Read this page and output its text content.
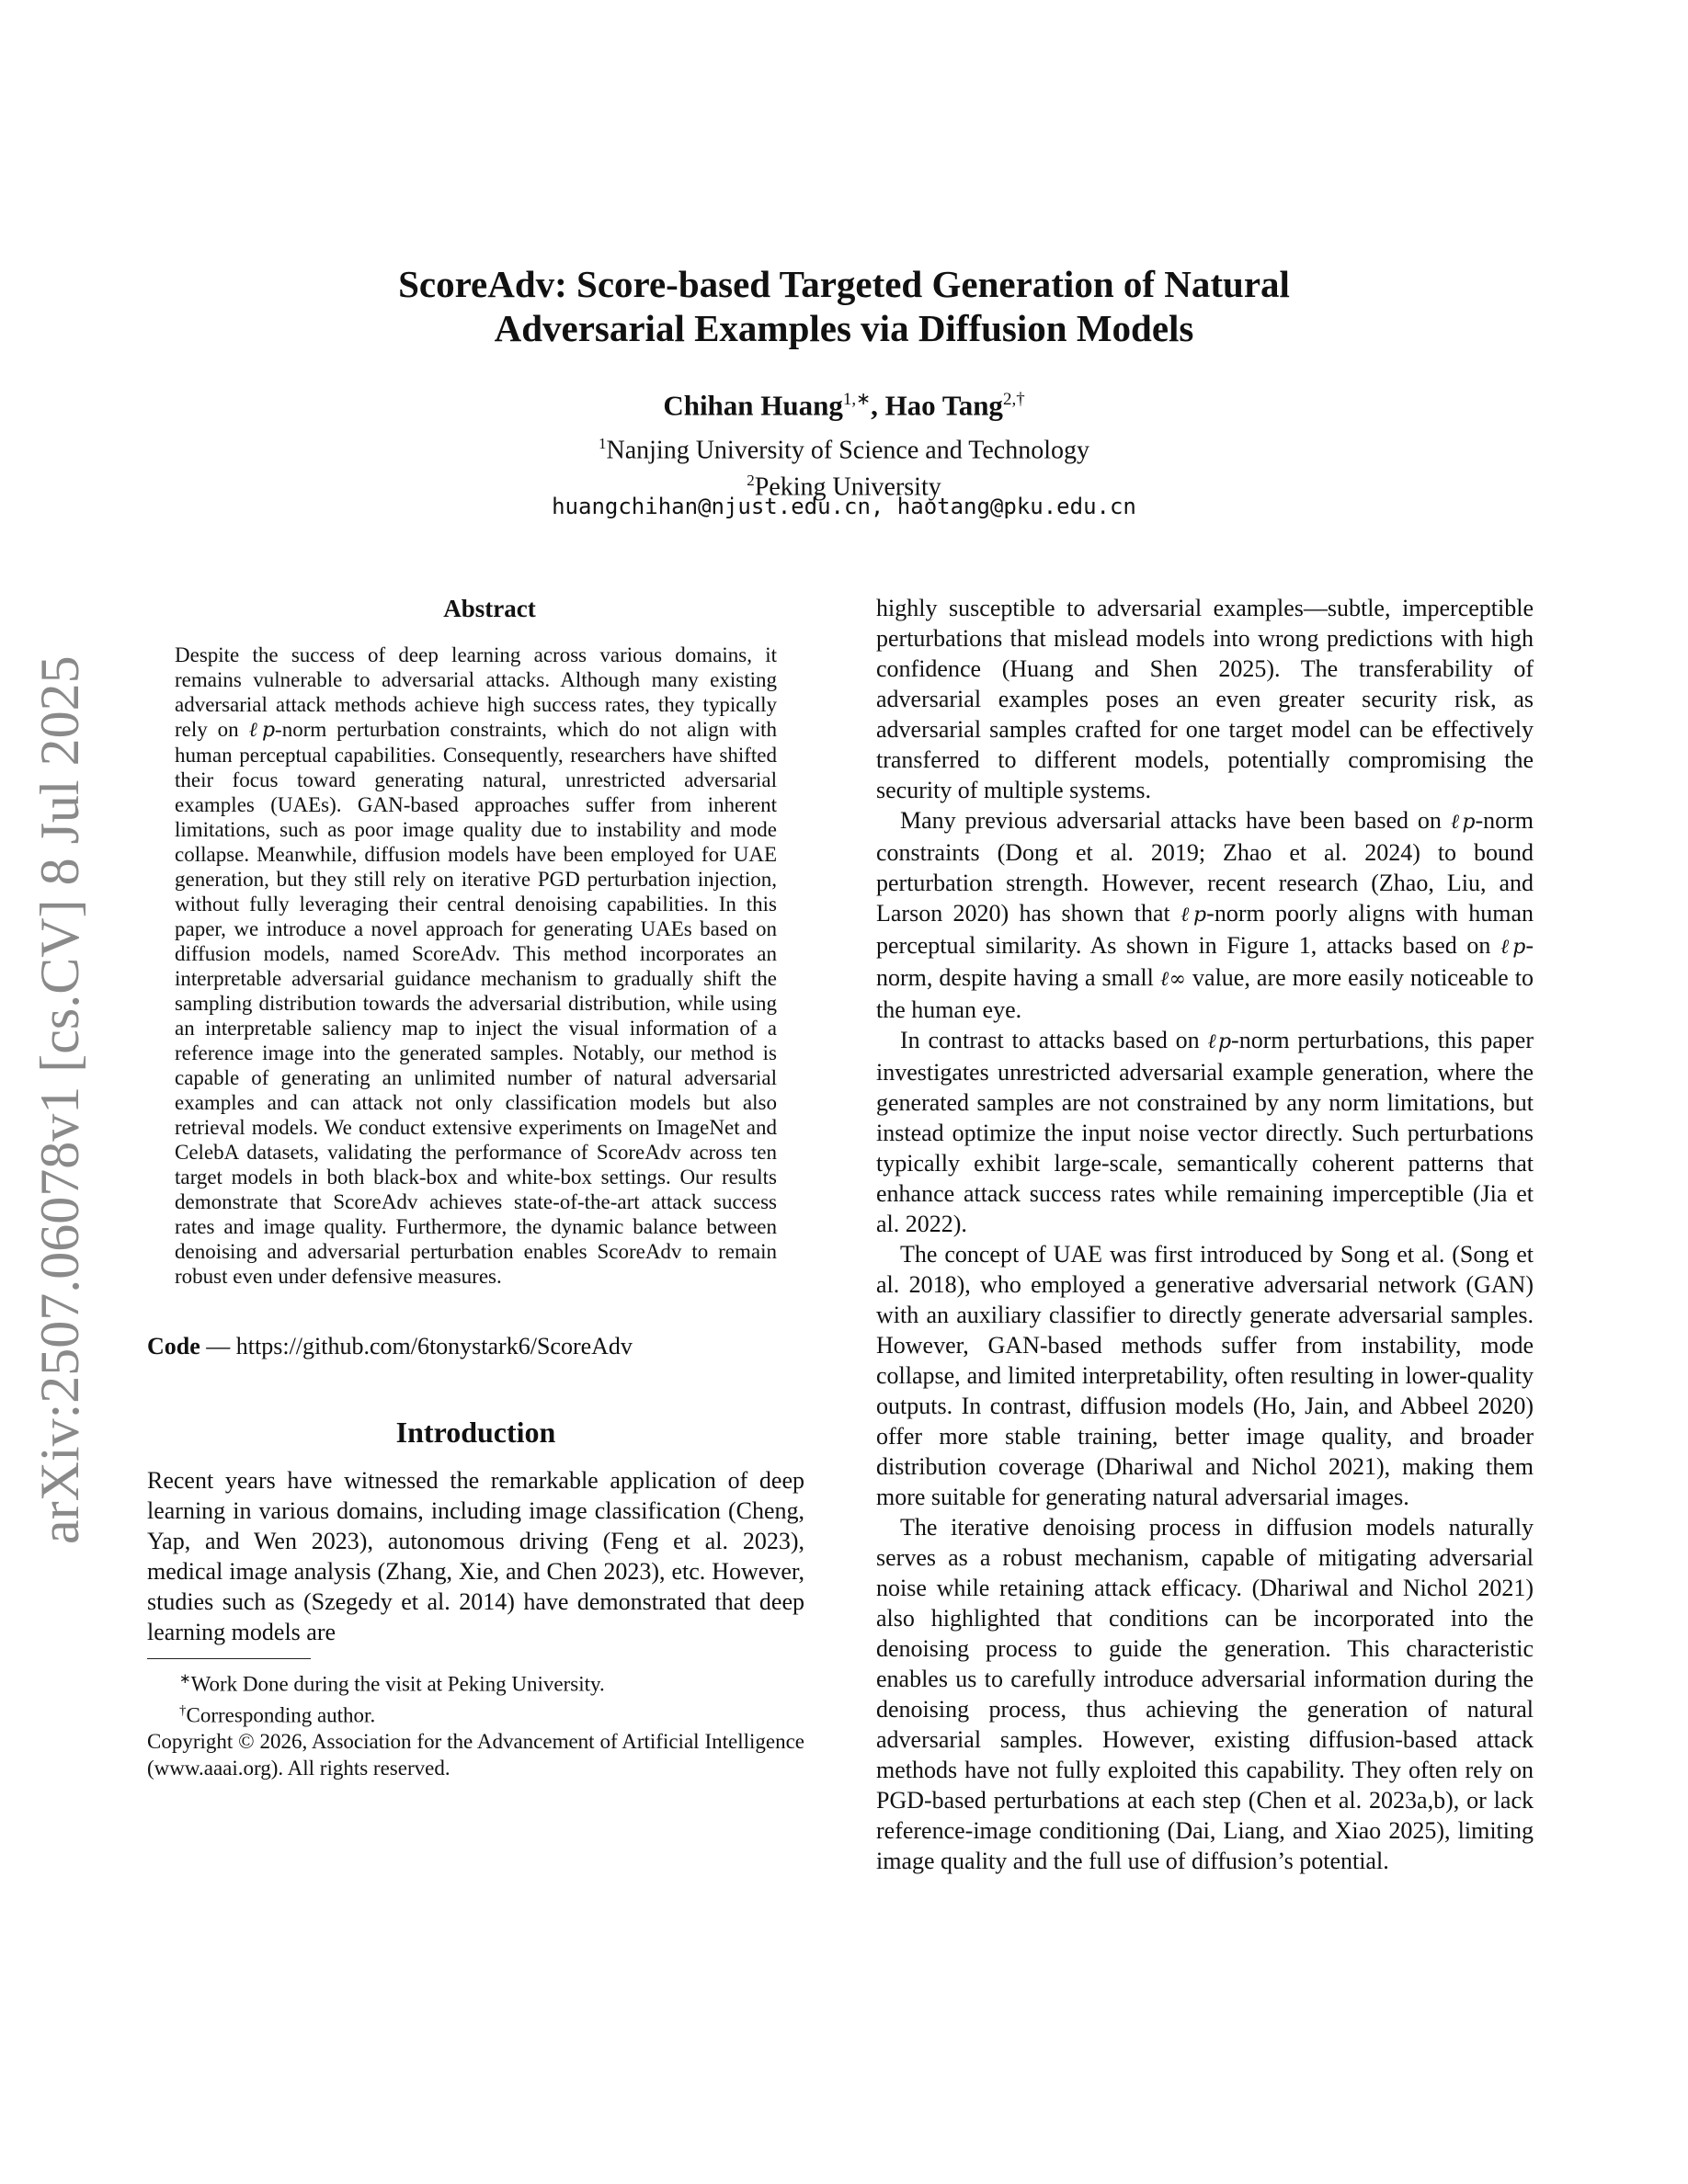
arXiv:2507.06078v1 [cs.CV] 8 Jul 2025
ScoreAdv: Score-based Targeted Generation of Natural
Adversarial Examples via Diffusion Models
Chihan Huang$^{1,∗}$, Hao Tang$^{2,\dagger}$
$^1$Nanjing University of Science and Technology
$^2$Peking University
huangchihan@njust.edu.cn, haotang@pku.edu.cn
Abstract

Despite the success of deep learning across various domains, it remains vulnerable to adversarial attacks. Although many existing adversarial attack methods achieve high success rates, they typically rely on ℓp-norm perturbation constraints, which do not align with human perceptual capabilities. Consequently, researchers have shifted their focus toward generating natural, unrestricted adversarial examples (UAEs). GAN-based approaches suffer from inherent limitations, such as poor image quality due to instability and mode collapse. Meanwhile, diffusion models have been employed for UAE generation, but they still rely on iterative PGD perturbation injection, without fully leveraging their central denoising capabilities. In this paper, we introduce a novel approach for generating UAEs based on diffusion models, named ScoreAdv. This method incorporates an interpretable adversarial guidance mechanism to gradually shift the sampling distribution towards the adversarial distribution, while using an interpretable saliency map to inject the visual information of a reference image into the generated samples. Notably, our method is capable of generating an unlimited number of natural adversarial examples and can attack not only classification models but also retrieval models. We conduct extensive experiments on ImageNet and CelebA datasets, validating the performance of ScoreAdv across ten target models in both black-box and white-box settings. Our results demonstrate that ScoreAdv achieves state-of-the-art attack success rates and image quality. Furthermore, the dynamic balance between denoising and adversarial perturbation enables ScoreAdv to remain robust even under defensive measures.

Code — https://github.com/6tonystark6/ScoreAdv
Introduction

Recent years have witnessed the remarkable application of deep learning in various domains, including image classification (Cheng, Yap, and Wen 2023), autonomous driving (Feng et al. 2023), medical image analysis (Zhang, Xie, and Chen 2023), etc. However, studies such as (Szegedy et al. 2014) have demonstrated that deep learning models are

∗Work Done during the visit at Peking University.

†Corresponding author.

Copyright © 2026, Association for the Advancement of Artificial Intelligence (www.aaai.org). All rights reserved.

highly susceptible to adversarial examples—subtle, imperceptible perturbations that mislead models into wrong predictions with high confidence (Huang and Shen 2025). The transferability of adversarial examples poses an even greater security risk, as adversarial samples crafted for one target model can be effectively transferred to different models, potentially compromising the security of multiple systems.

Many previous adversarial attacks have been based on ℓp-norm constraints (Dong et al. 2019; Zhao et al. 2024) to bound perturbation strength. However, recent research (Zhao, Liu, and Larson 2020) has shown that ℓp-norm poorly aligns with human perceptual similarity. As shown in Figure 1, attacks based on ℓp-norm, despite having a small ℓ∞ value, are more easily noticeable to the human eye.

In contrast to attacks based on ℓp-norm perturbations, this paper investigates unrestricted adversarial example generation, where the generated samples are not constrained by any norm limitations, but instead optimize the input noise vector directly. Such perturbations typically exhibit large-scale, semantically coherent patterns that enhance attack success rates while remaining imperceptible (Jia et al. 2022).

The concept of UAE was first introduced by Song et al. (Song et al. 2018), who employed a generative adversarial network (GAN) with an auxiliary classifier to directly generate adversarial samples. However, GAN-based methods suffer from instability, mode collapse, and limited interpretability, often resulting in lower-quality outputs. In contrast, diffusion models (Ho, Jain, and Abbeel 2020) offer more stable training, better image quality, and broader distribution coverage (Dhariwal and Nichol 2021), making them more suitable for generating natural adversarial images.

The iterative denoising process in diffusion models naturally serves as a robust mechanism, capable of mitigating adversarial noise while retaining attack efficacy. (Dhariwal and Nichol 2021) also highlighted that conditions can be incorporated into the denoising process to guide the generation. This characteristic enables us to carefully introduce adversarial information during the denoising process, thus achieving the generation of natural adversarial samples. However, existing diffusion-based attack methods have not fully exploited this capability. They often rely on PGD-based perturbations at each step (Chen et al. 2023a,b), or lack reference-image conditioning (Dai, Liang, and Xiao 2025), limiting image quality and the full use of diffusion’s potential.
